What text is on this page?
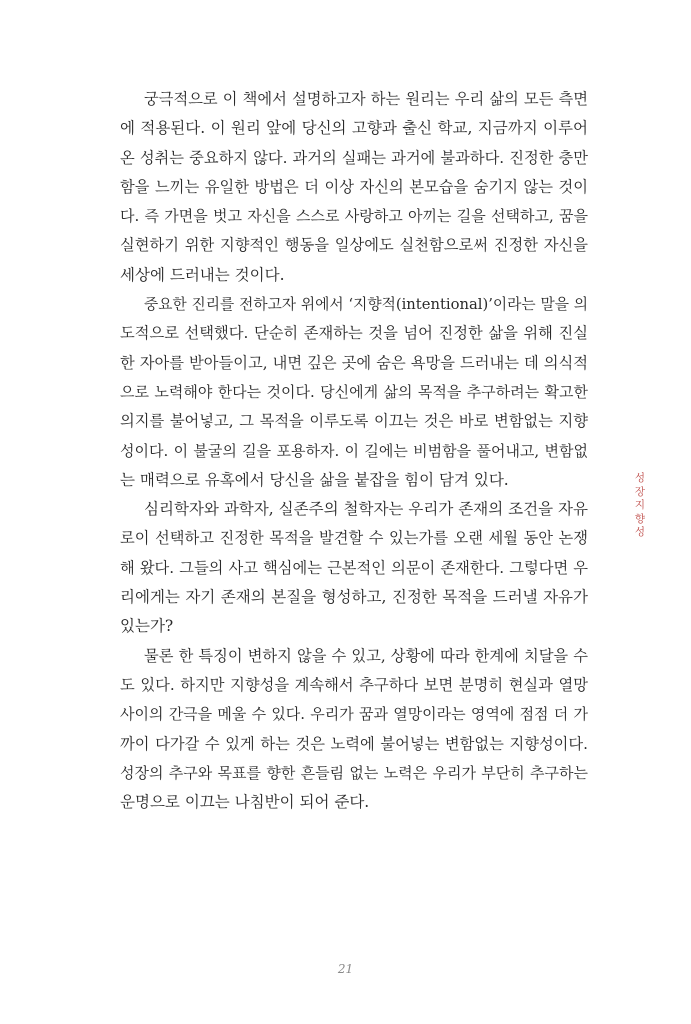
궁극적으로 이 책에서 설명하고자 하는 원리는 우리 삶의 모든 측면
에 적용된다. 이 원리 앞에 당신의 고향과 출신 학교, 지금까지 이루어
온 성취는 중요하지 않다. 과거의 실패는 과거에 불과하다. 진정한 충만
함을 느끼는 유일한 방법은 더 이상 자신의 본모습을 숨기지 않는 것이
다. 즉 가면을 벗고 자신을 스스로 사랑하고 아끼는 길을 선택하고, 꿈을
실현하기 위한 지향적인 행동을 일상에도 실천함으로써 진정한 자신을
세상에 드러내는 것이다.
중요한 진리를 전하고자 위에서 ‘지향적(intentional)’이라는 말을 의
도적으로 선택했다. 단순히 존재하는 것을 넘어 진정한 삶을 위해 진실
한 자아를 받아들이고, 내면 깊은 곳에 숨은 욕망을 드러내는 데 의식적
으로 노력해야 한다는 것이다. 당신에게 삶의 목적을 추구하려는 확고한
의지를 불어넣고, 그 목적을 이루도록 이끄는 것은 바로 변함없는 지향
성이다. 이 불굴의 길을 포용하자. 이 길에는 비범함을 풀어내고, 변함없
는 매력으로 유혹에서 당신을 삶을 붙잡을 힘이 담겨 있다.
심리학자와 과학자, 실존주의 철학자는 우리가 존재의 조건을 자유
로이 선택하고 진정한 목적을 발견할 수 있는가를 오랜 세월 동안 논쟁
해 왔다. 그들의 사고 핵심에는 근본적인 의문이 존재한다. 그렇다면 우
리에게는 자기 존재의 본질을 형성하고, 진정한 목적을 드러낼 자유가
있는가?
물론 한 특징이 변하지 않을 수 있고, 상황에 따라 한계에 치달을 수
도 있다. 하지만 지향성을 계속해서 추구하다 보면 분명히 현실과 열망
사이의 간극을 메울 수 있다. 우리가 꿈과 열망이라는 영역에 점점 더 가
까이 다가갈 수 있게 하는 것은 노력에 불어넣는 변함없는 지향성이다.
성장의 추구와 목표를 향한 흔들림 없는 노력은 우리가 부단히 추구하는
운명으로 이끄는 나침반이 되어 준다.
성
장
지
향
성
21
